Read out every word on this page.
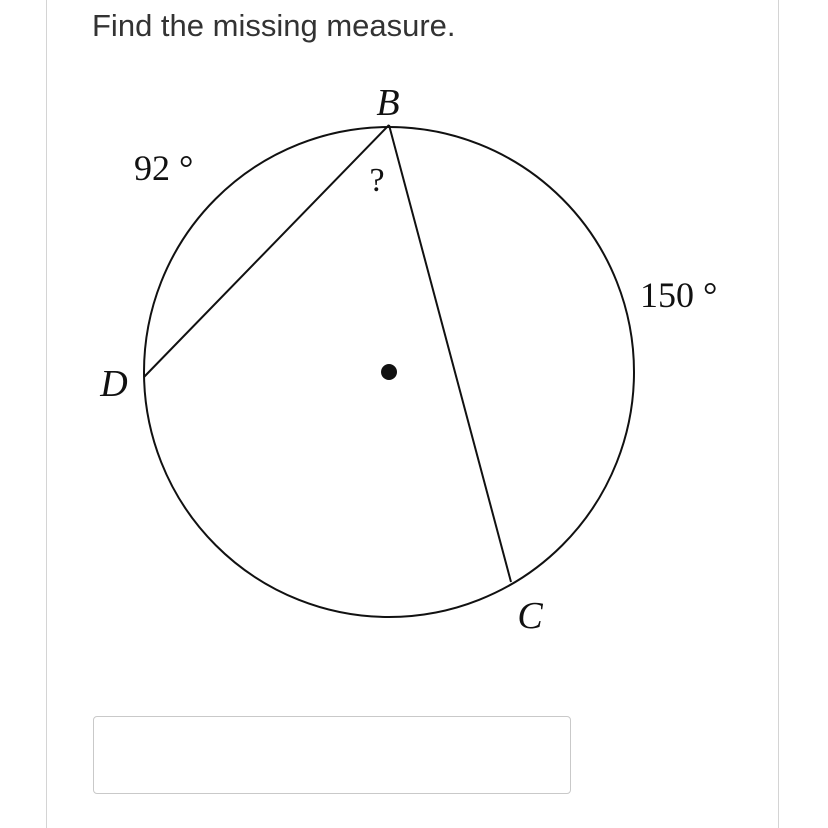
Find the missing measure.
B
D
C
92 °
150 °
?
